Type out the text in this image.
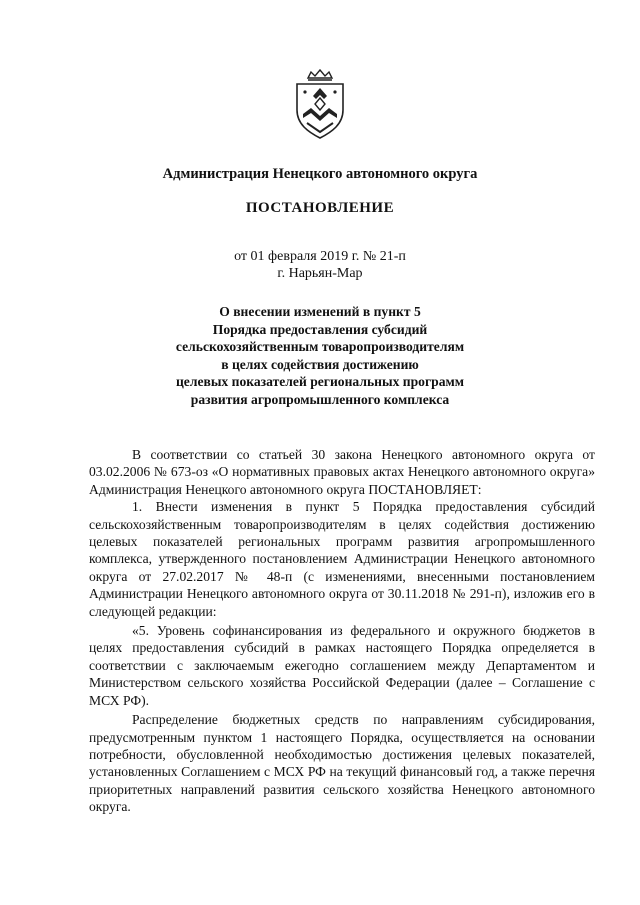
Администрация Ненецкого автономного округа
ПОСТАНОВЛЕНИЕ
от 01 февраля 2019 г. № 21-п
г. Нарьян-Мар
О внесении изменений в пункт 5
Порядка предоставления субсидий
сельскохозяйственным товаропроизводителям
в целях содействия достижению
целевых показателей региональных программ
развития агропромышленного комплекса

В соответствии со статьей 30 закона Ненецкого автономного округа от 03.02.2006 № 673-оз «О нормативных правовых актах Ненецкого автономного округа» Администрация Ненецкого автономного округа ПОСТАНОВЛЯЕТ:

1. Внести изменения в пункт 5 Порядка предоставления субсидий сельскохозяйственным товаропроизводителям в целях содействия достижению целевых показателей региональных программ развития агропромышленного комплекса, утвержденного постановлением Администрации Ненецкого автономного округа от 27.02.2017 № 48-п (с изменениями, внесенными постановлением Администрации Ненецкого автономного округа от 30.11.2018 № 291-п), изложив его в следующей редакции:

«5. Уровень софинансирования из федерального и окружного бюджетов в целях предоставления субсидий в рамках настоящего Порядка определяется в соответствии с заключаемым ежегодно соглашением между Департаментом и Министерством сельского хозяйства Российской Федерации (далее – Соглашение с МСХ РФ).

Распределение бюджетных средств по направлениям субсидирования, предусмотренным пунктом 1 настоящего Порядка, осуществляется на основании потребности, обусловленной необходимостью достижения целевых показателей, установленных Соглашением с МСХ РФ на текущий финансовый год, а также перечня приоритетных направлений развития сельского хозяйства Ненецкого автономного округа.
